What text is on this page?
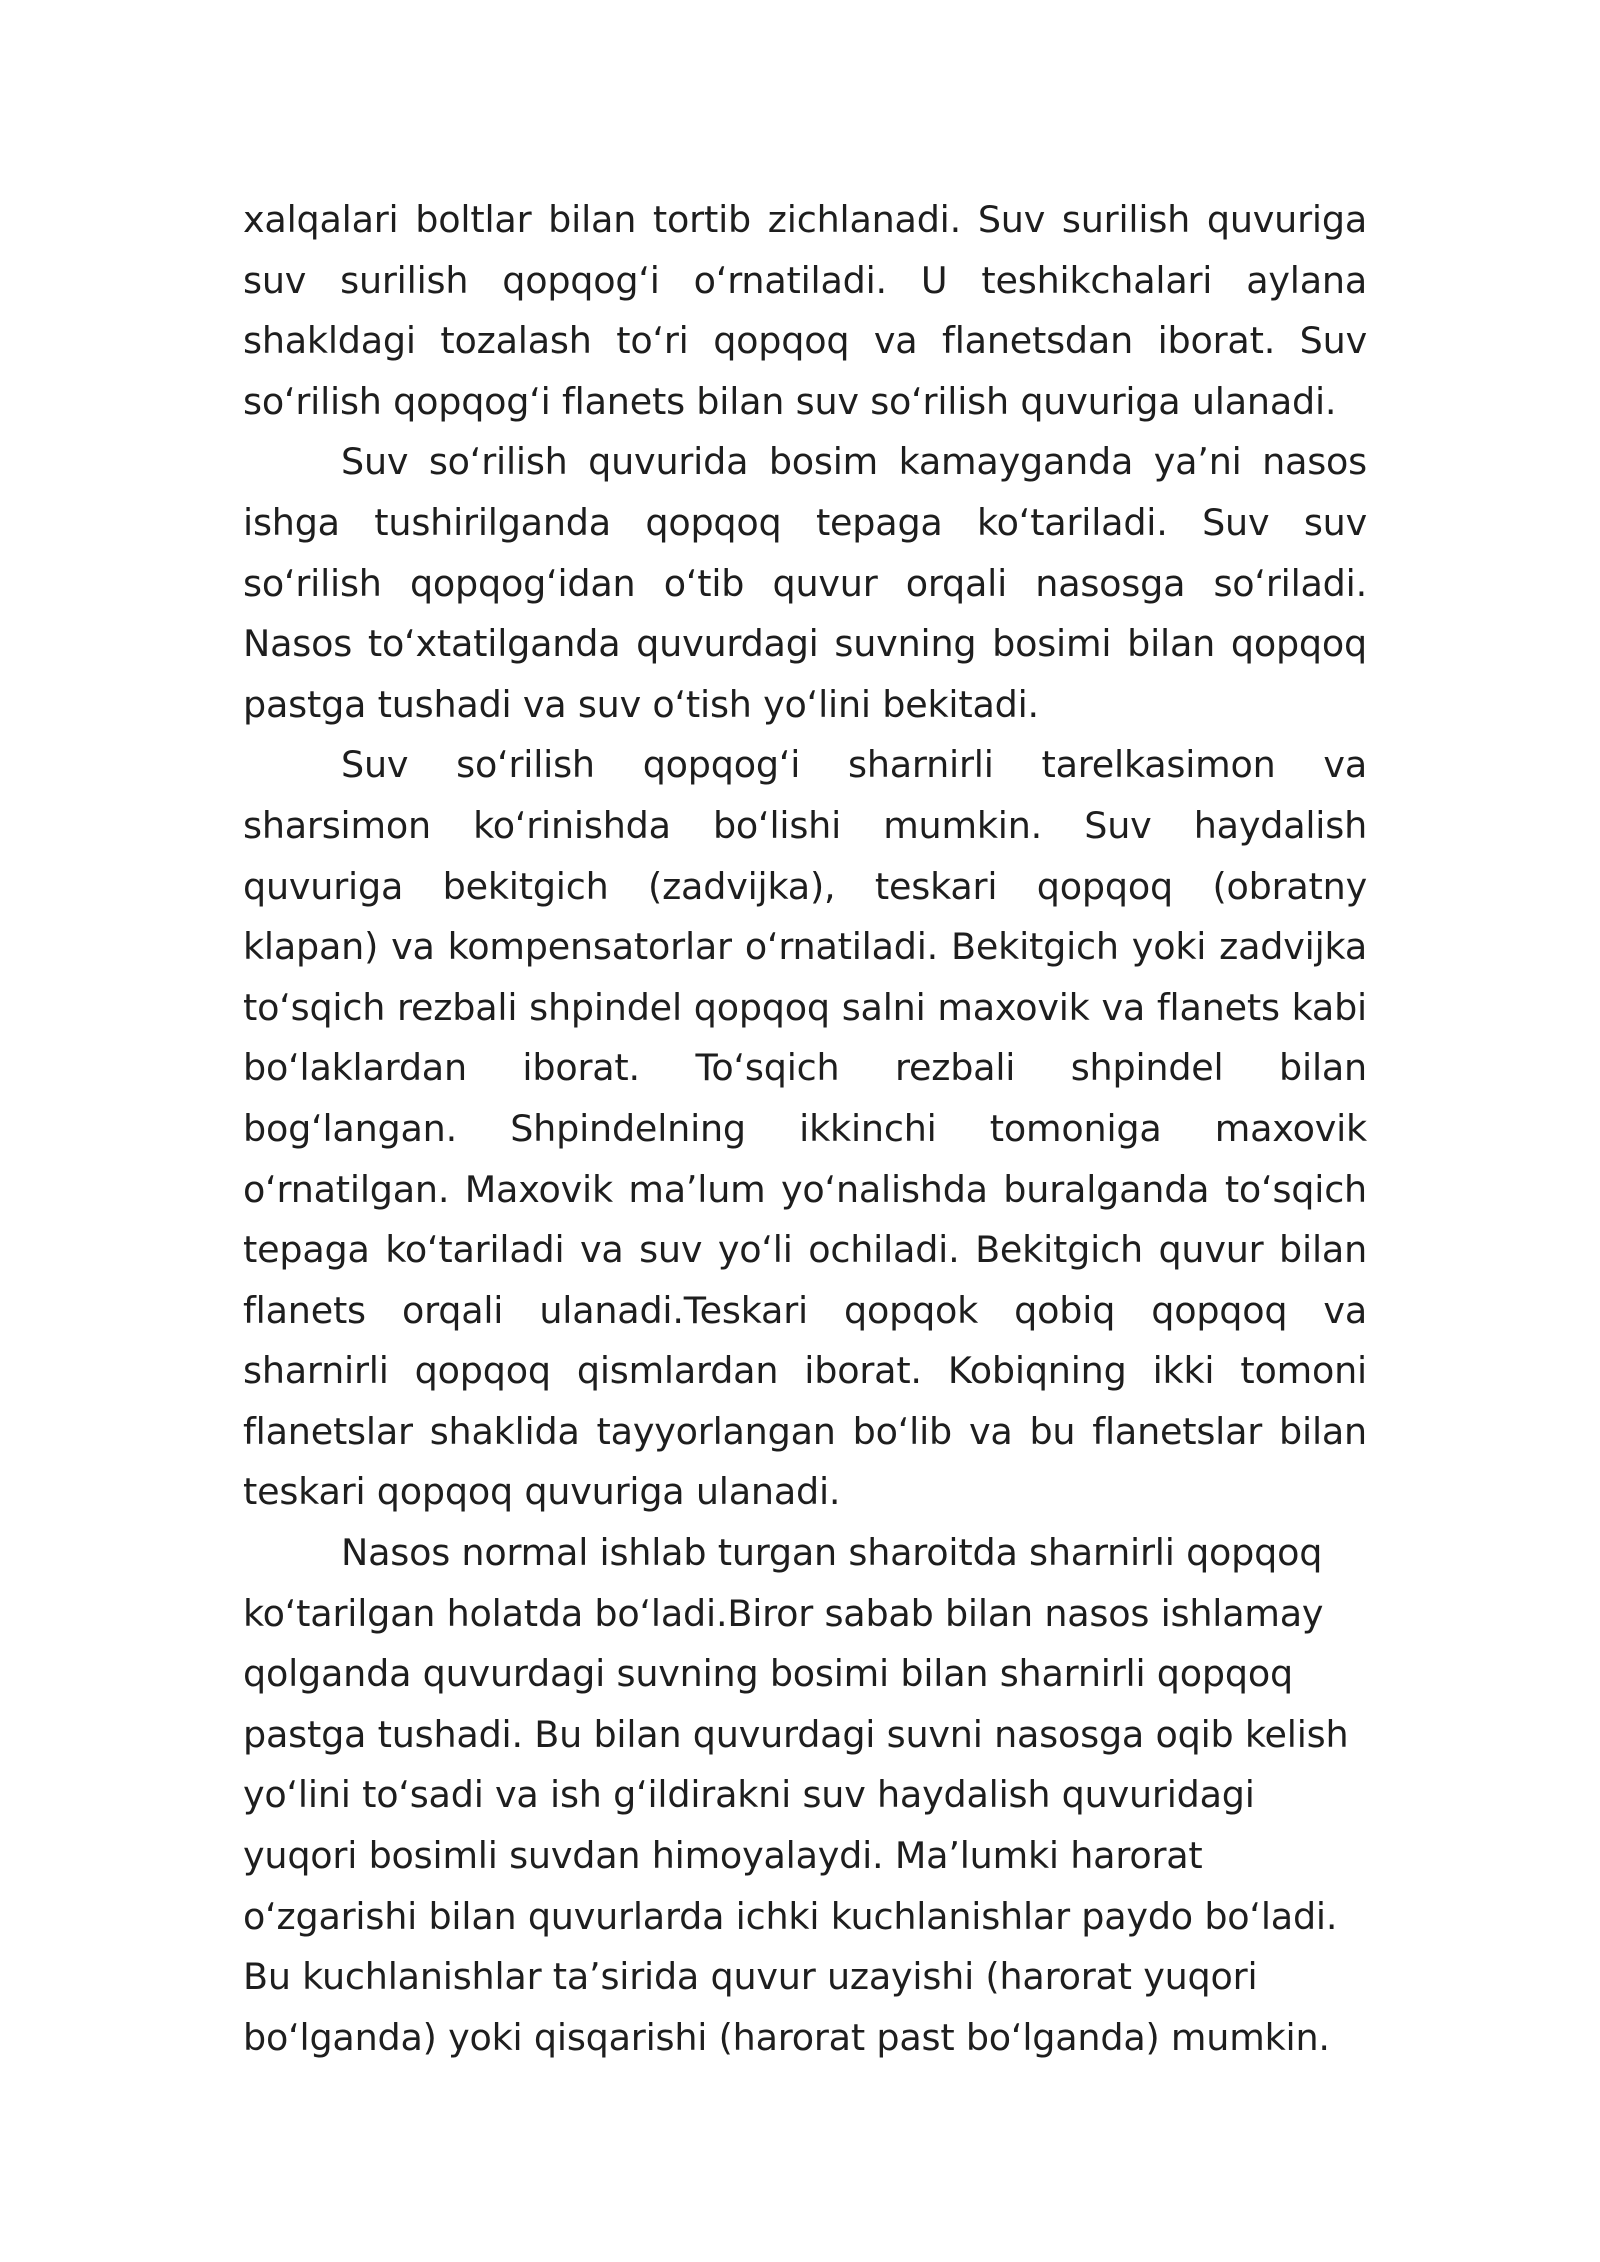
xalqalari boltlar bilan tortib zichlanadi. Suv surilish quvuriga suv surilish qopqogʻi oʻrnatiladi. U teshikchalari aylana shakldagi tozalash toʻri qopqoq va flanetsdan iborat. Suv soʻrilish qopqogʻi flanets bilan suv soʻrilish quvuriga ulanadi.

Suv soʻrilish quvurida bosim kamayganda yaʼni nasos ishga tushirilganda qopqoq tepaga koʻtariladi. Suv suv soʻrilish qopqogʻidan oʻtib quvur orqali nasosga soʻriladi. Nasos toʻxtatilganda quvurdagi suvning bosimi bilan qopqoq pastga tushadi va suv oʻtish yoʻlini bekitadi.

Suv soʻrilish qopqogʻi sharnirli tarelkasimon va sharsimon koʻrinishda boʻlishi mumkin. Suv haydalish quvuriga bekitgich (zadvijka), teskari qopqoq (obratny klapan) va kompensatorlar oʻrnatiladi. Bekitgich yoki zadvijka toʻsqich rezbali shpindel qopqoq salni maxovik va flanets kabi boʻlaklardan iborat. Toʻsqich rezbali shpindel bilan bogʻlangan. Shpindelning ikkinchi tomoniga maxovik oʻrnatilgan. Maxovik maʼlum yoʻnalishda buralganda toʻsqich tepaga koʻtariladi va suv yoʻli ochiladi. Bekitgich quvur bilan flanets orqali ulanadi.Teskari qopqok qobiq qopqoq va sharnirli qopqoq qismlardan iborat. Kobiqning ikki tomoni flanetslar shaklida tayyorlangan boʻlib va bu flanetslar bilan teskari qopqoq quvuriga ulanadi.

Nasos normal ishlab turgan sharoitda sharnirli qopqoq koʻtarilgan holatda boʻladi.Biror sabab bilan nasos ishlamay qolganda quvurdagi suvning bosimi bilan sharnirli qopqoq pastga tushadi. Bu bilan quvurdagi suvni nasosga oqib kelish yoʻlini toʻsadi va ish gʻildirakni suv haydalish quvuridagi yuqori bosimli suvdan himoyalaydi. Maʼlumki harorat oʻzgarishi bilan quvurlarda ichki kuchlanishlar paydo boʻladi. Bu kuchlanishlar taʼsirida quvur uzayishi (harorat yuqori boʻlganda) yoki qisqarishi (harorat past boʻlganda) mumkin.
